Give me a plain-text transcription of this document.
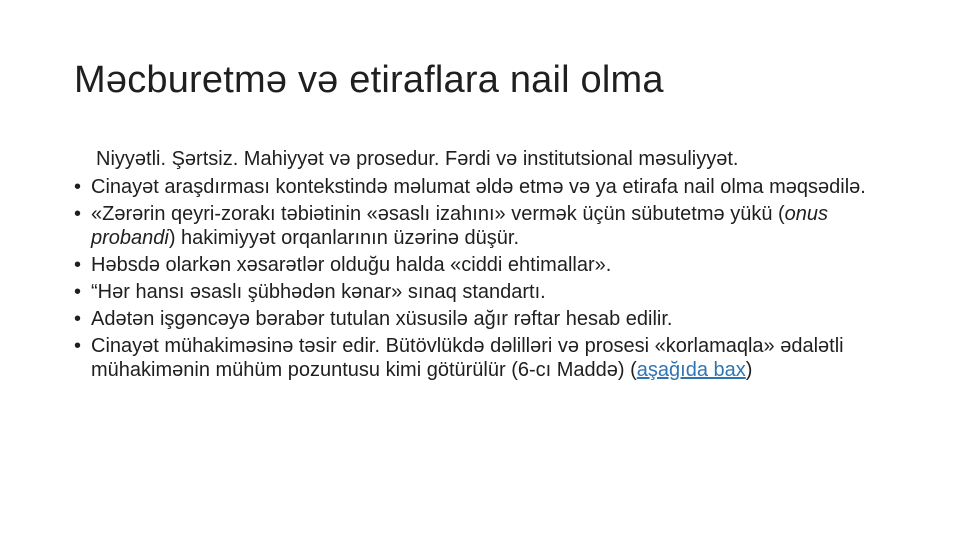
Məcburetmə və etiraflara nail olma
Niyyətli. Şərtsiz. Mahiyyət və prosedur. Fərdi və institutsional məsuliyyət.
• Cinayət araşdırması kontekstində məlumat əldə etmə və ya etirafa nail olma məqsədilə.
• «Zərərin qeyri-zorakı təbiətinin «əsaslı izahını» vermək üçün sübutetmə yükü (onus probandi) hakimiyyət orqanlarının üzərinə düşür.
• Həbsdə olarkən xəsarətlər olduğu halda «ciddi ehtimallar».
• “Hər hansı əsaslı şübhədən kənar» sınaq standartı.
• Adətən işgəncəyə bərabər tutulan xüsusilə ağır rəftar hesab edilir.
• Cinayət mühakiməsinə təsir edir. Bütövlükdə dəlilləri və prosesi «korlamaqla» ədalətli mühakimənin mühüm pozuntusu kimi götürülür (6-cı Maddə) (aşağıda bax)
